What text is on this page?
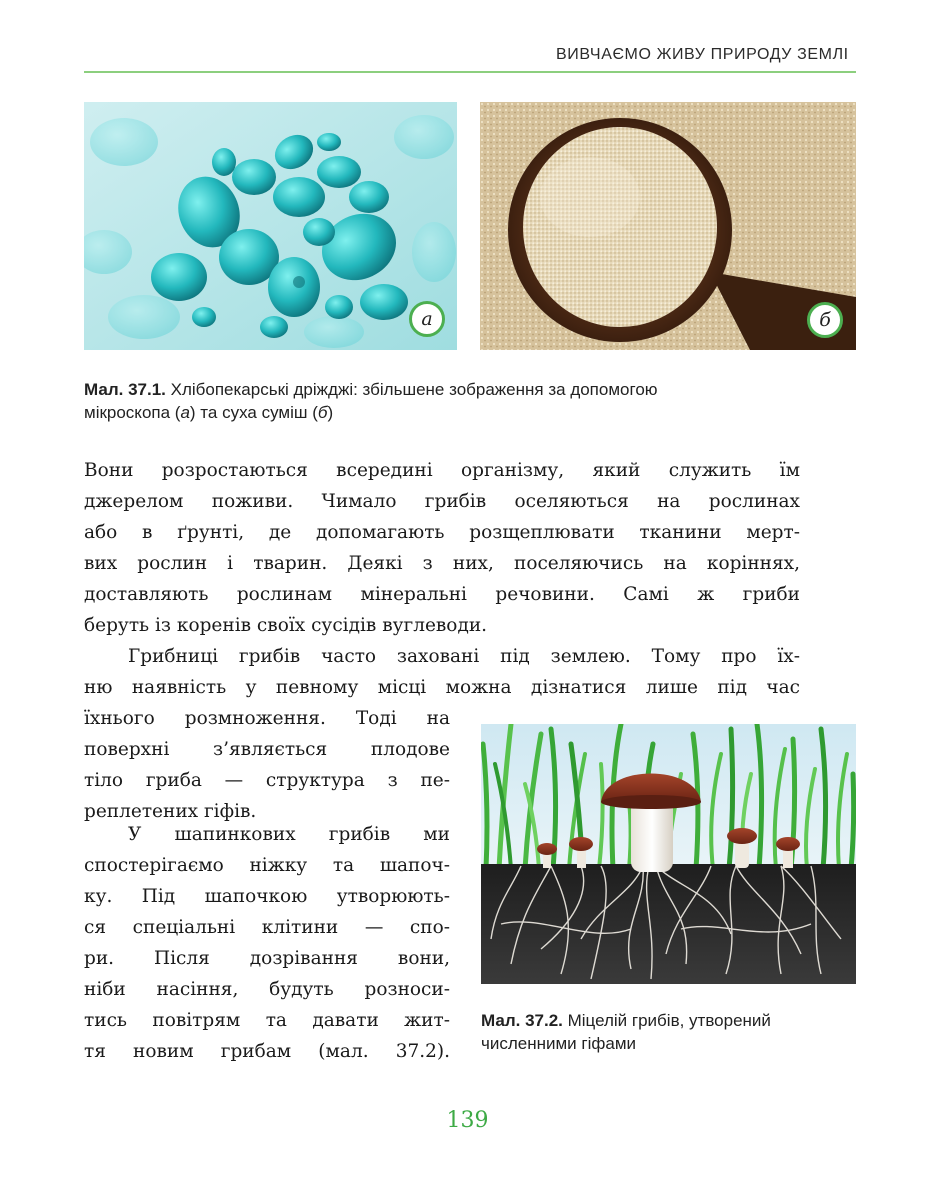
ВИВЧАЄМО ЖИВУ ПРИРОДУ ЗЕМЛІ
а	б
Мал. 37.1. Хлібопекарські дріжджі: збільшене зображення за допомогою
мікроскопа (а) та суха суміш (б)
Вони розростаються всередині організму, який служить їм
джерелом поживи. Чимало грибів оселяються на рослинах
або в ґрунті, де допомагають розщеплювати тканини мерт-
вих рослин і тварин. Деякі з них, поселяючись на коріннях,
доставляють рослинам мінеральні речовини. Самі ж гриби
беруть із коренів своїх сусідів вуглеводи.
Грибниці грибів часто заховані під землею. Тому про їх-
ню наявність у певному місці можна дізнатися лише під час
їхнього розмноження. Тоді на
поверхні з’являється плодове
тіло гриба — структура з пе-
реплетених гіфів.
У шапинкових грибів ми
спостерігаємо ніжку та шапоч-
ку. Під шапочкою утворюють-
ся спеціальні клітини — спо-
ри. Після дозрівання вони,
ніби насіння, будуть розноси-
тись повітрям та давати жит-
тя новим грибам (мал. 37.2).
Мал. 37.2. Міцелій грибів, утворений
численними гіфами
139
